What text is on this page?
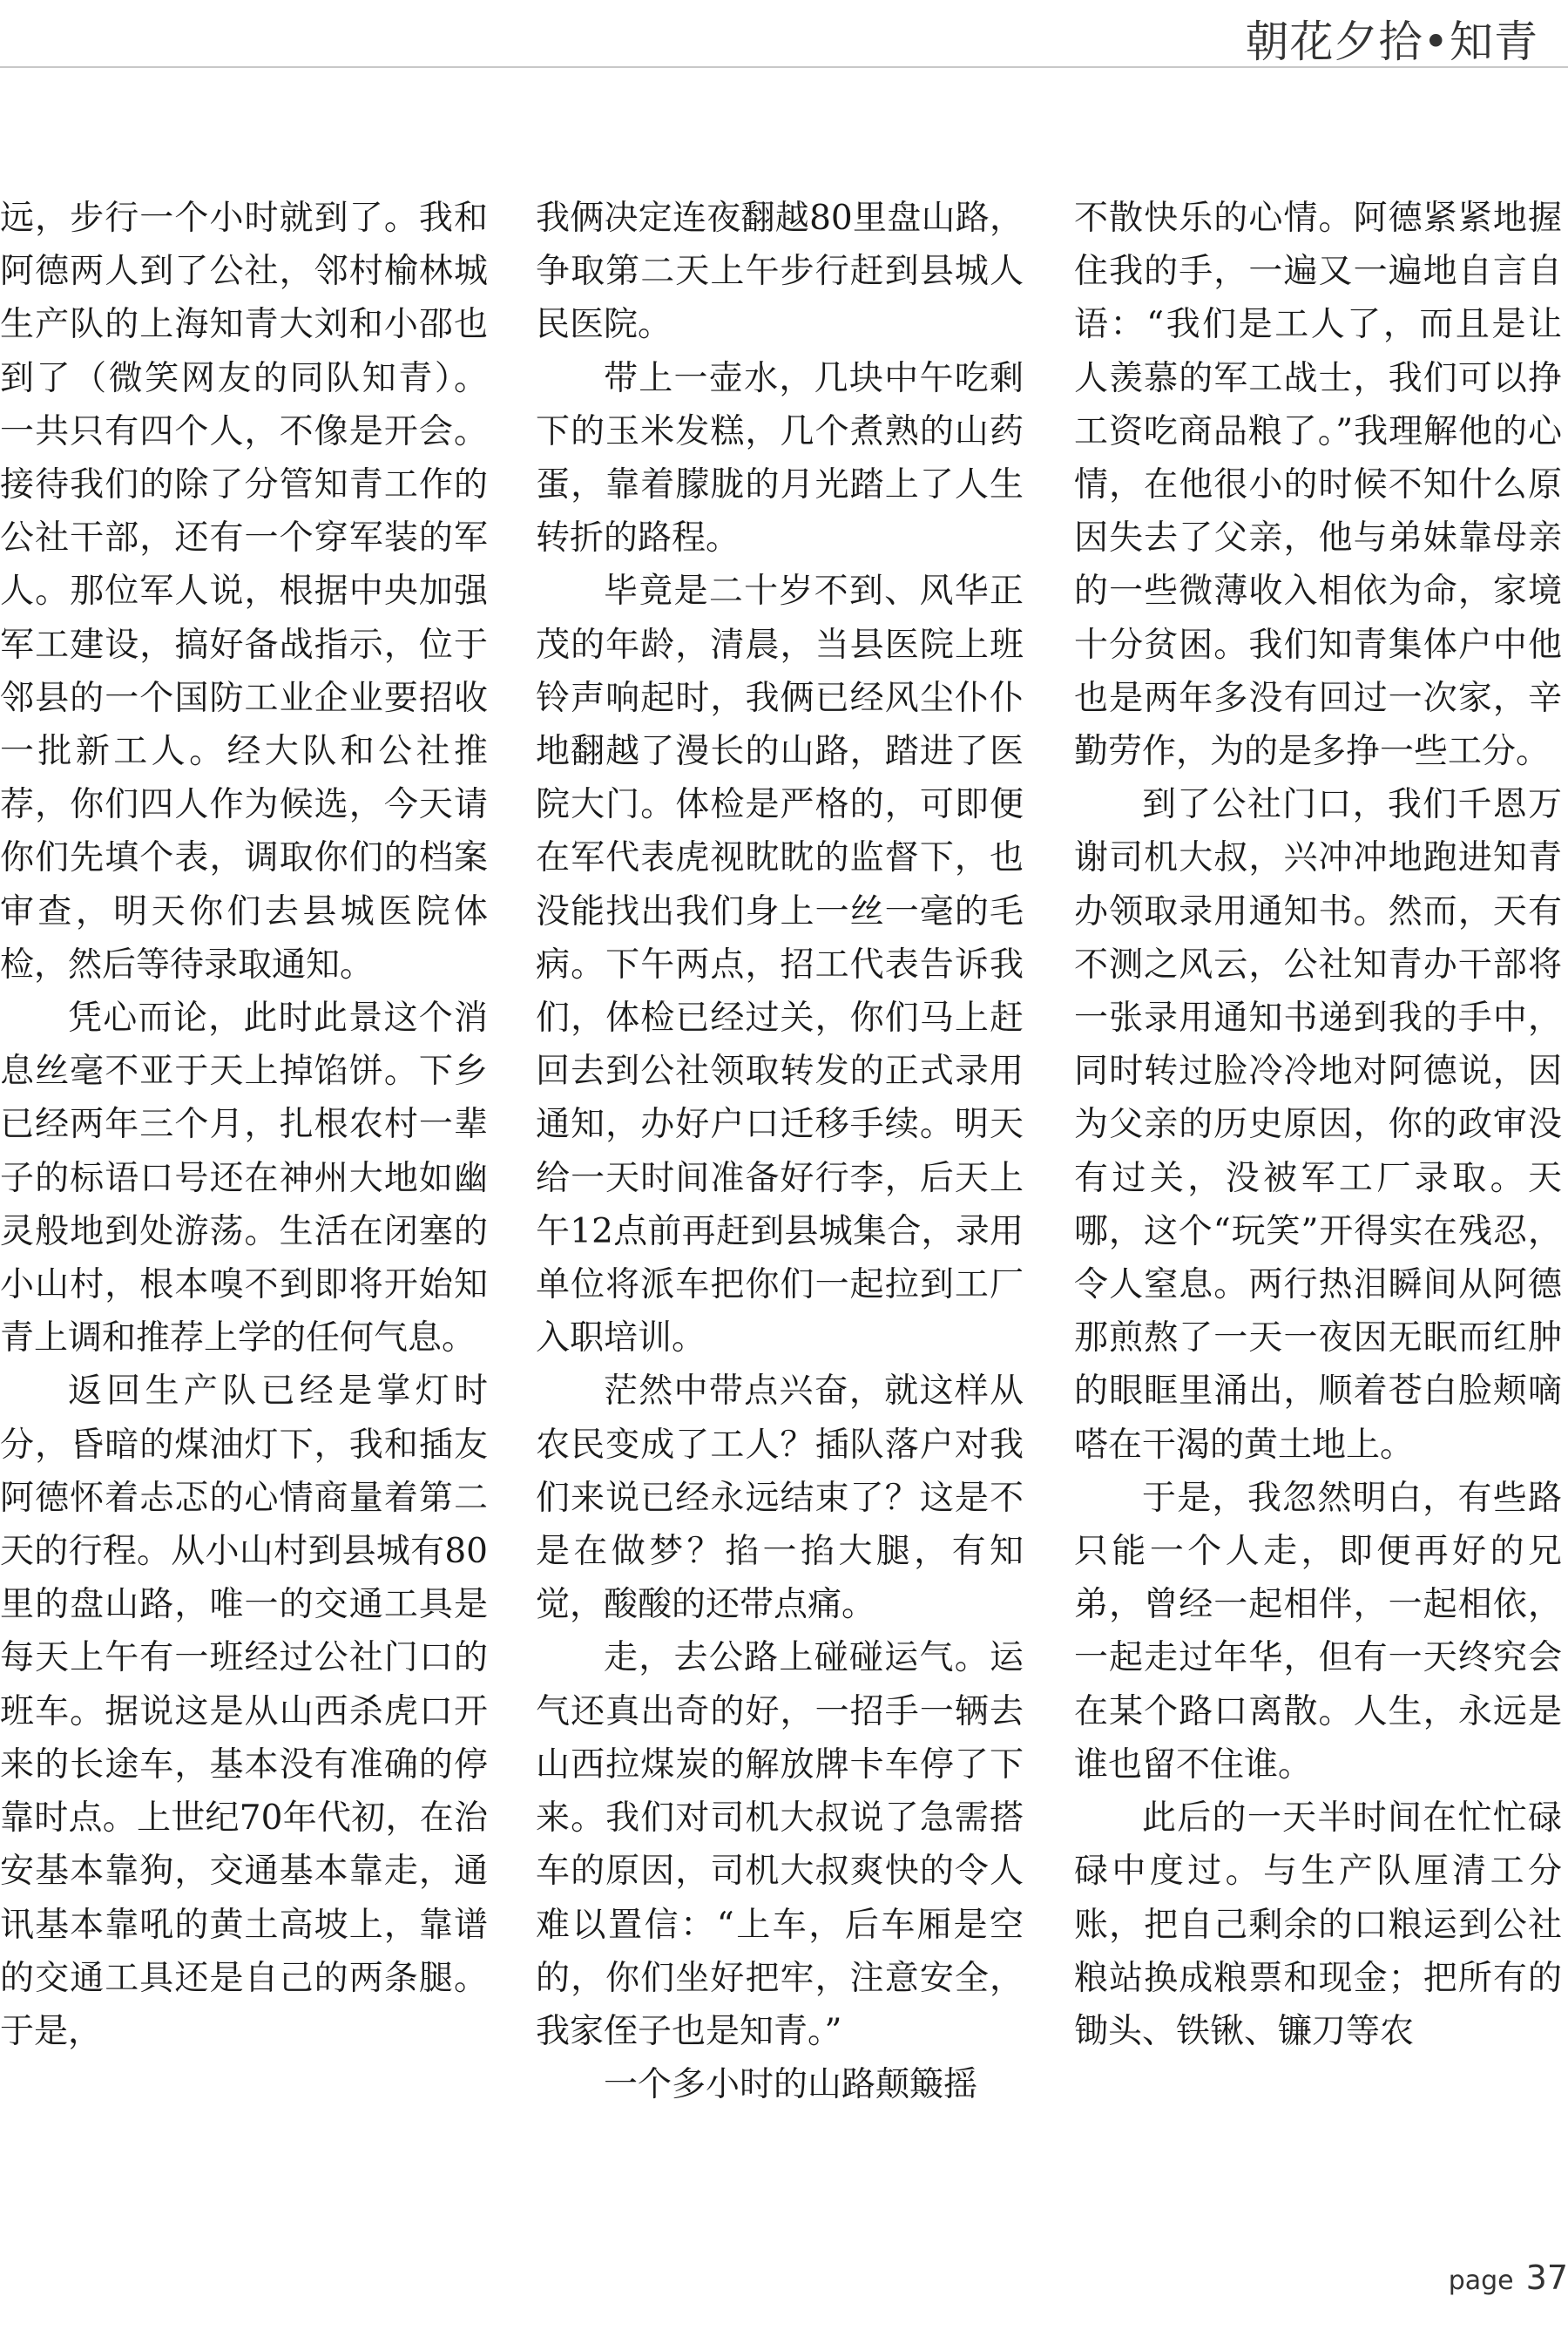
朝花夕拾•知青

远，步行一个小时就到了。我和阿德两人到了公社，邻村榆林城生产队的上海知青大刘和小邵也到了（微笑网友的同队知青）。一共只有四个人，不像是开会。接待我们的除了分管知青工作的公社干部，还有一个穿军装的军人。那位军人说，根据中央加强军工建设，搞好备战指示，位于邻县的一个国防工业企业要招收一批新工人。经大队和公社推荐，你们四人作为候选，今天请你们先填个表，调取你们的档案审查，明天你们去县城医院体检，然后等待录取通知。

凭心而论，此时此景这个消息丝毫不亚于天上掉馅饼。下乡已经两年三个月，扎根农村一辈子的标语口号还在神州大地如幽灵般地到处游荡。生活在闭塞的小山村，根本嗅不到即将开始知青上调和推荐上学的任何气息。

返回生产队已经是掌灯时分，昏暗的煤油灯下，我和插友阿德怀着忐忑的心情商量着第二天的行程。从小山村到县城有80里的盘山路，唯一的交通工具是每天上午有一班经过公社门口的班车。据说这是从山西杀虎口开来的长途车，基本没有准确的停靠时点。上世纪70年代初，在治安基本靠狗，交通基本靠走，通讯基本靠吼的黄土高坡上，靠谱的交通工具还是自己的两条腿。于是，

我俩决定连夜翻越80里盘山路，争取第二天上午步行赶到县城人民医院。

带上一壶水，几块中午吃剩下的玉米发糕，几个煮熟的山药蛋，靠着朦胧的月光踏上了人生转折的路程。

毕竟是二十岁不到、风华正茂的年龄，清晨，当县医院上班铃声响起时，我俩已经风尘仆仆地翻越了漫长的山路，踏进了医院大门。体检是严格的，可即便在军代表虎视眈眈的监督下，也没能找出我们身上一丝一毫的毛病。下午两点，招工代表告诉我们，体检已经过关，你们马上赶回去到公社领取转发的正式录用通知，办好户口迁移手续。明天给一天时间准备好行李，后天上午12点前再赶到县城集合，录用单位将派车把你们一起拉到工厂入职培训。

茫然中带点兴奋，就这样从农民变成了工人？插队落户对我们来说已经永远结束了？这是不是在做梦？掐一掐大腿，有知觉，酸酸的还带点痛。

走，去公路上碰碰运气。运气还真出奇的好，一招手一辆去山西拉煤炭的解放牌卡车停了下来。我们对司机大叔说了急需搭车的原因，司机大叔爽快的令人难以置信：“上车，后车厢是空的，你们坐好把牢，注意安全，我家侄子也是知青。”

一个多小时的山路颠簸摇

不散快乐的心情。阿德紧紧地握住我的手，一遍又一遍地自言自语：“我们是工人了，而且是让人羡慕的军工战士，我们可以挣工资吃商品粮了。”我理解他的心情，在他很小的时候不知什么原因失去了父亲，他与弟妹靠母亲的一些微薄收入相依为命，家境十分贫困。我们知青集体户中他也是两年多没有回过一次家，辛勤劳作，为的是多挣一些工分。

到了公社门口，我们千恩万谢司机大叔，兴冲冲地跑进知青办领取录用通知书。然而，天有不测之风云，公社知青办干部将一张录用通知书递到我的手中，同时转过脸冷冷地对阿德说，因为父亲的历史原因，你的政审没有过关，没被军工厂录取。天哪，这个“玩笑”开得实在残忍，令人窒息。两行热泪瞬间从阿德那煎熬了一天一夜因无眠而红肿的眼眶里涌出，顺着苍白脸颊嘀嗒在干渴的黄土地上。

于是，我忽然明白，有些路只能一个人走，即便再好的兄弟，曾经一起相伴，一起相依，一起走过年华，但有一天终究会在某个路口离散。人生，永远是谁也留不住谁。

此后的一天半时间在忙忙碌碌中度过。与生产队厘清工分账，把自己剩余的口粮运到公社粮站换成粮票和现金；把所有的锄头、铁锹、镰刀等农

page 37
